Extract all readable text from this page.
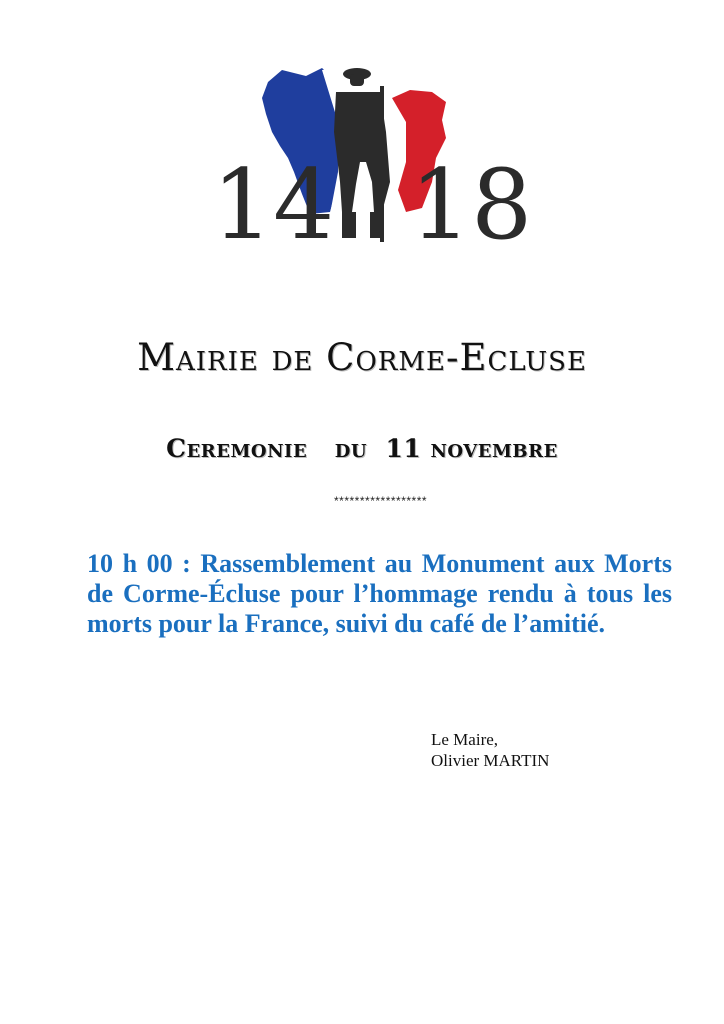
14 18
Mairie de Corme-Ecluse
Ceremonie   du  11 novembre

******************

10 h 00 : Rassemblement au Monument aux Morts de Corme-Écluse pour l’hommage rendu à tous les morts pour la France, suivi du café de l’amitié.

Le Maire,
Olivier MARTIN
